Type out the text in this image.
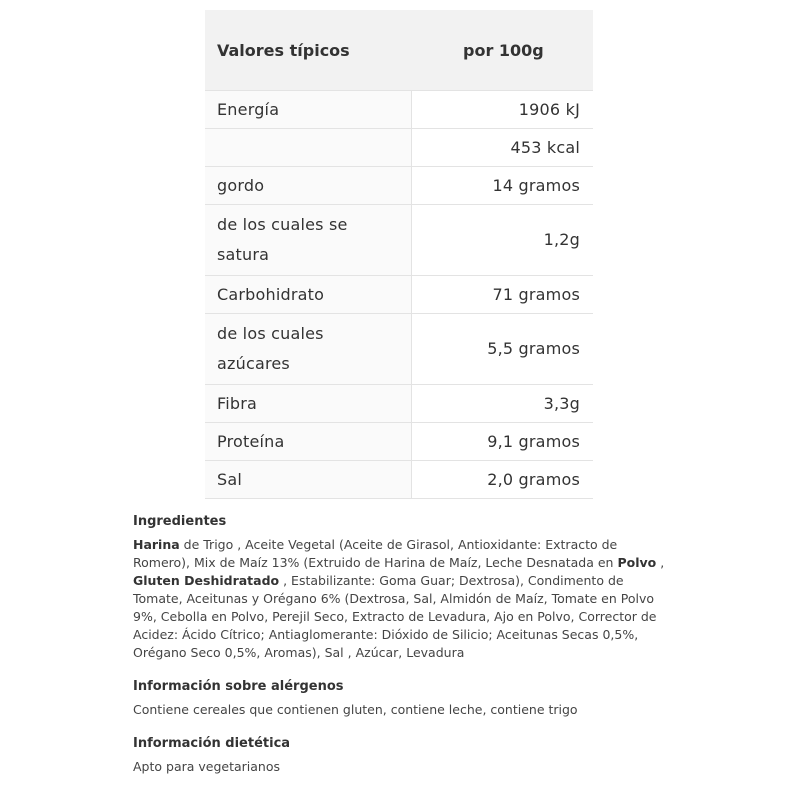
Valores típicos	por 100g
Energía	1906 kJ
	453 kcal
gordo	14 gramos
de los cuales se
satura	1,2g
Carbohidrato	71 gramos
de los cuales
azúcares	5,5 gramos
Fibra	3,3g
Proteína	9,1 gramos
Sal	2,0 gramos
Ingredientes

Harina de Trigo , Aceite Vegetal (Aceite de Girasol, Antioxidante: Extracto de Romero), Mix de Maíz 13% (Extruido de Harina de Maíz, Leche Desnatada en Polvo , Gluten Deshidratado , Estabilizante: Goma Guar; Dextrosa), Condimento de Tomate, Aceitunas y Orégano 6% (Dextrosa, Sal, Almidón de Maíz, Tomate en Polvo 9%, Cebolla en Polvo, Perejil Seco, Extracto de Levadura, Ajo en Polvo, Corrector de Acidez: Ácido Cítrico; Antiaglomerante: Dióxido de Silicio; Aceitunas Secas 0,5%, Orégano Seco 0,5%, Aromas), Sal , Azúcar, Levadura

Información sobre alérgenos

Contiene cereales que contienen gluten, contiene leche, contiene trigo

Información dietética

Apto para vegetarianos
